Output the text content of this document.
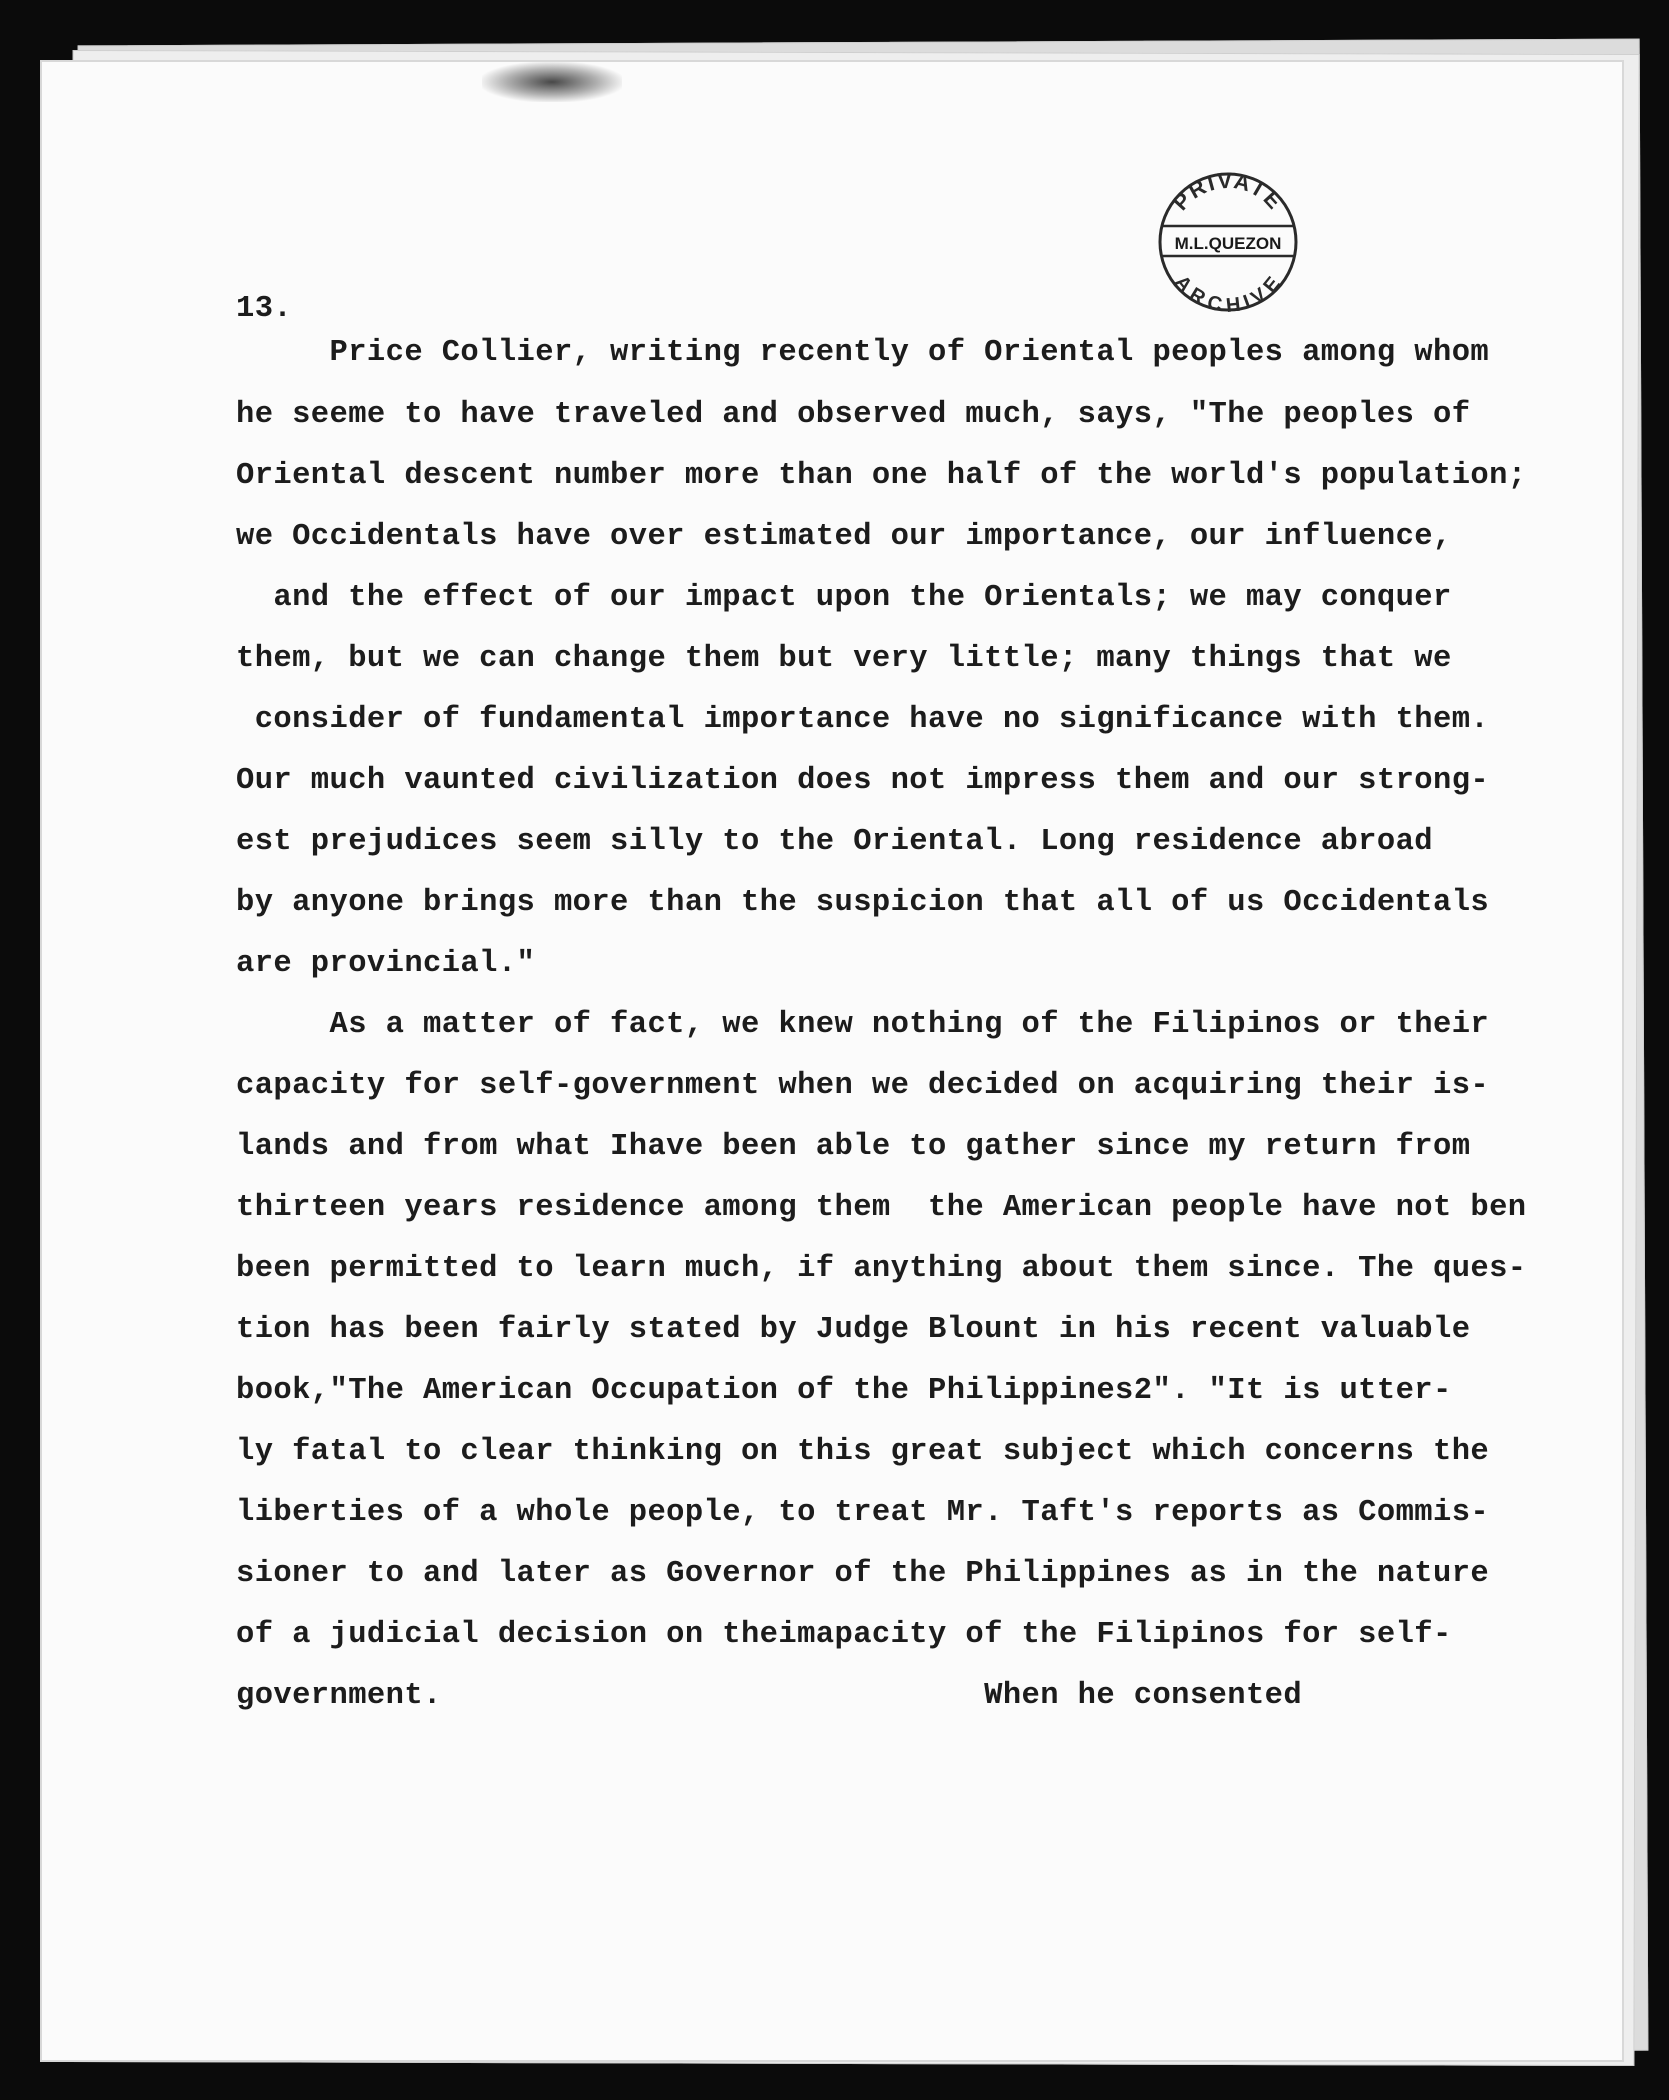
PRIVATE
M.L.QUEZON
ARCHIVE
13.
Price Collier, writing recently of Oriental peoples among whom
he seeme to have traveled and observed much, says, "The peoples of
Oriental descent number more than one half of the world's population;
we Occidentals have over estimated our importance, our influence,
and the effect of our impact upon the Orientals; we may conquer
them, but we can change them but very little; many things that we
consider of fundamental importance have no significance with them.
Our much vaunted civilization does not impress them and our strong-
est prejudices seem silly to the Oriental. Long residence abroad
by anyone brings more than the suspicion that all of us Occidentals
are provincial."
As a matter of fact, we knew nothing of the Filipinos or their
capacity for self-government when we decided on acquiring their is-
lands and from what Ihave been able to gather since my return from
thirteen years residence among them  the American people have not ben
been permitted to learn much, if anything about them since. The ques-
tion has been fairly stated by Judge Blount in his recent valuable
book,"The American Occupation of the Philippines2". "It is utter-
ly fatal to clear thinking on this great subject which concerns the
liberties of a whole people, to treat Mr. Taft's reports as Commis-
sioner to and later as Governor of the Philippines as in the nature
of a judicial decision on theimapacity of the Filipinos for self-
government.                             When he consented
